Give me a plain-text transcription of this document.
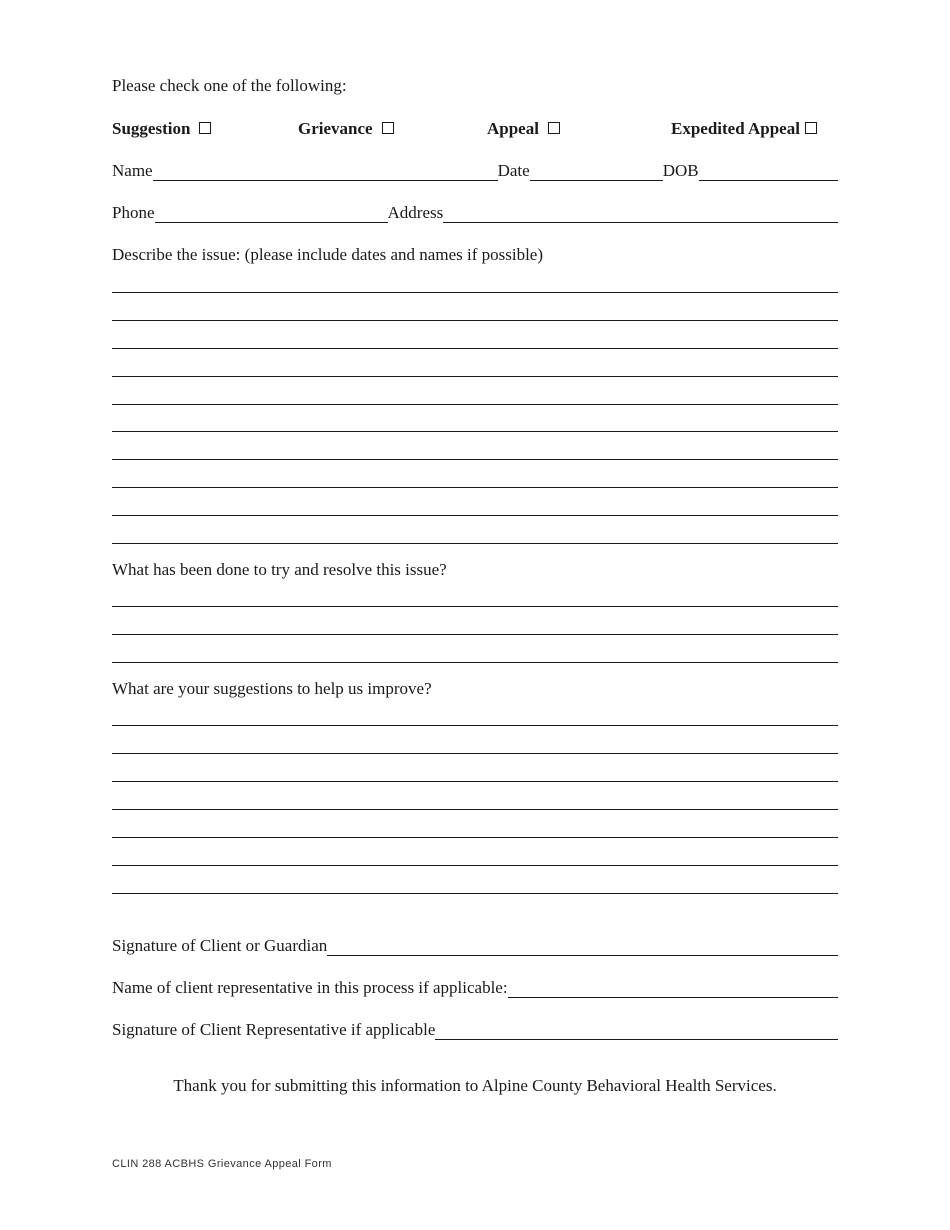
Please check one of the following:
Suggestion	Grievance	Appeal	Expedited Appeal
Name	Date	DOB
Phone	Address
Describe the issue: (please include dates and names if possible)
What has been done to try and resolve this issue?
What are your suggestions to help us improve?
Signature of Client or Guardian
Name of client representative in this process if applicable:
Signature of Client Representative if applicable
Thank you for submitting this information to Alpine County Behavioral Health Services.
CLIN 288 ACBHS Grievance Appeal Form
